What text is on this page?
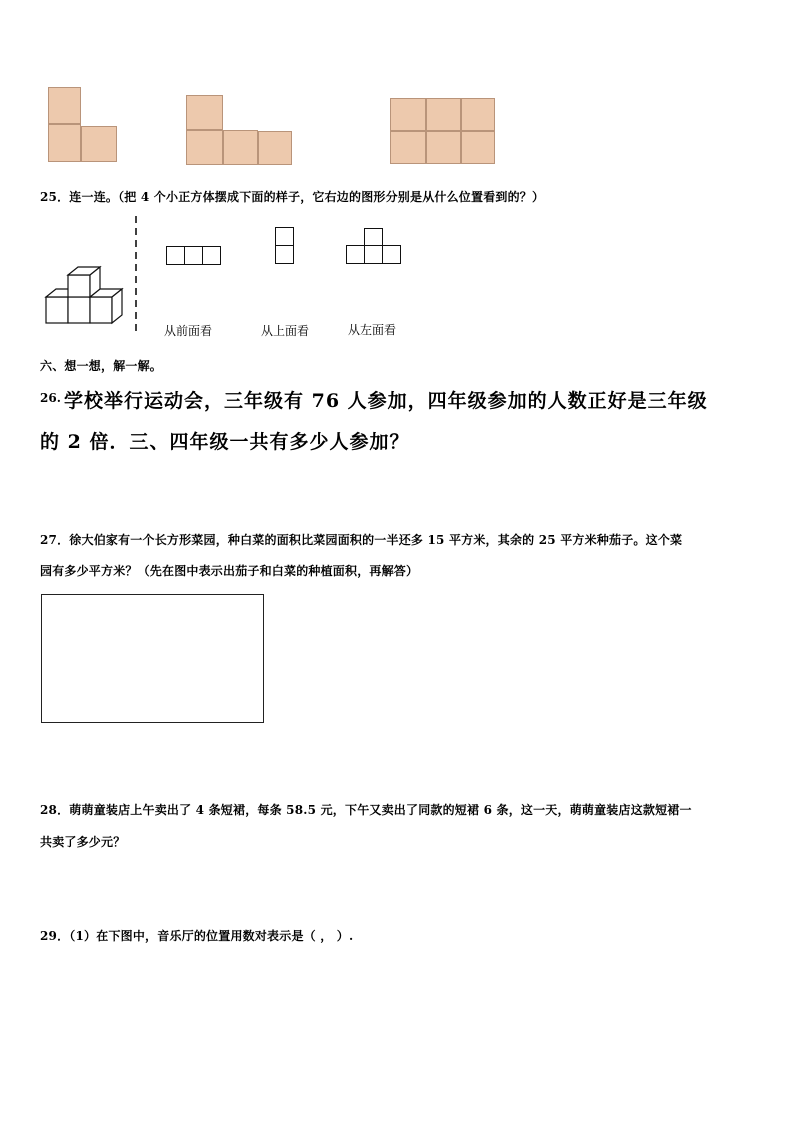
25．连一连。（把 4 个小正方体摆成下面的样子，它右边的图形分别是从什么位置看到的？）
从前面看	从上面看	从左面看
六、想一想，解一解。
26. 学校举行运动会，三年级有 76 人参加，四年级参加的人数正好是三年级
的 2 倍．三、四年级一共有多少人参加？
27．徐大伯家有一个长方形菜园，种白菜的面积比菜园面积的一半还多 15 平方米，其余的 25 平方米种茄子。这个菜
园有多少平方米？（先在图中表示出茄子和白菜的种植面积，再解答）
28．萌萌童装店上午卖出了 4 条短裙，每条 58.5 元，下午又卖出了同款的短裙 6 条，这一天，萌萌童装店这款短裙一
共卖了多少元？
29．（1）在下图中，音乐厅的位置用数对表示是（ ， ）.
